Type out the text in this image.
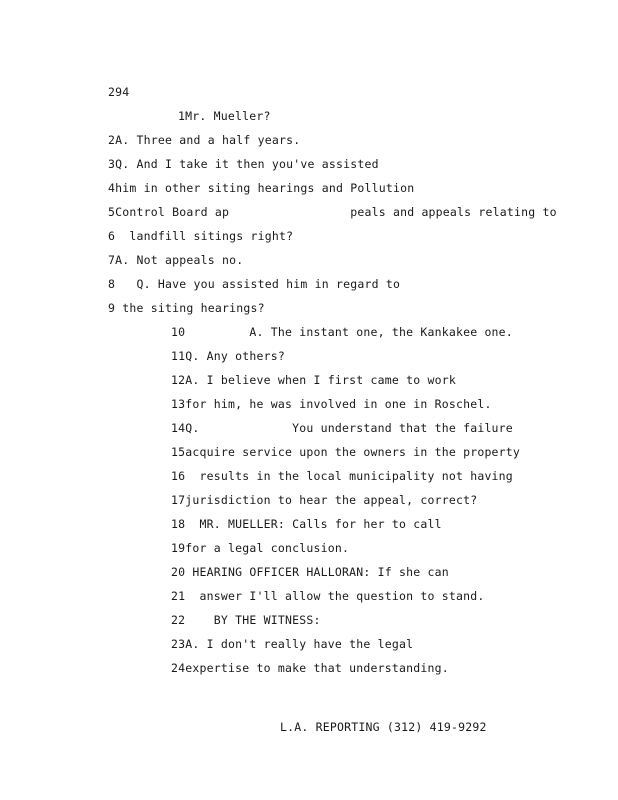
294
1Mr. Mueller?
2A. Three and a half years.
3Q. And I take it then you've assisted
4him in other siting hearings and Pollution
5Control Board ap                 peals and appeals relating to
6  landfill sitings right?
7A. Not appeals no.
8   Q. Have you assisted him in regard to
9 the siting hearings?
10         A. The instant one, the Kankakee one.
11Q. Any others?
12A. I believe when I first came to work
13for him, he was involved in one in Roschel.
14Q.             You understand that the failure
15acquire service upon the owners in the property
16  results in the local municipality not having
17jurisdiction to hear the appeal, correct?
18  MR. MUELLER: Calls for her to call
19for a legal conclusion.
20 HEARING OFFICER HALLORAN: If she can
21  answer I'll allow the question to stand.
22    BY THE WITNESS:
23A. I don't really have the legal
24expertise to make that understanding.
L.A. REPORTING (312) 419-9292
